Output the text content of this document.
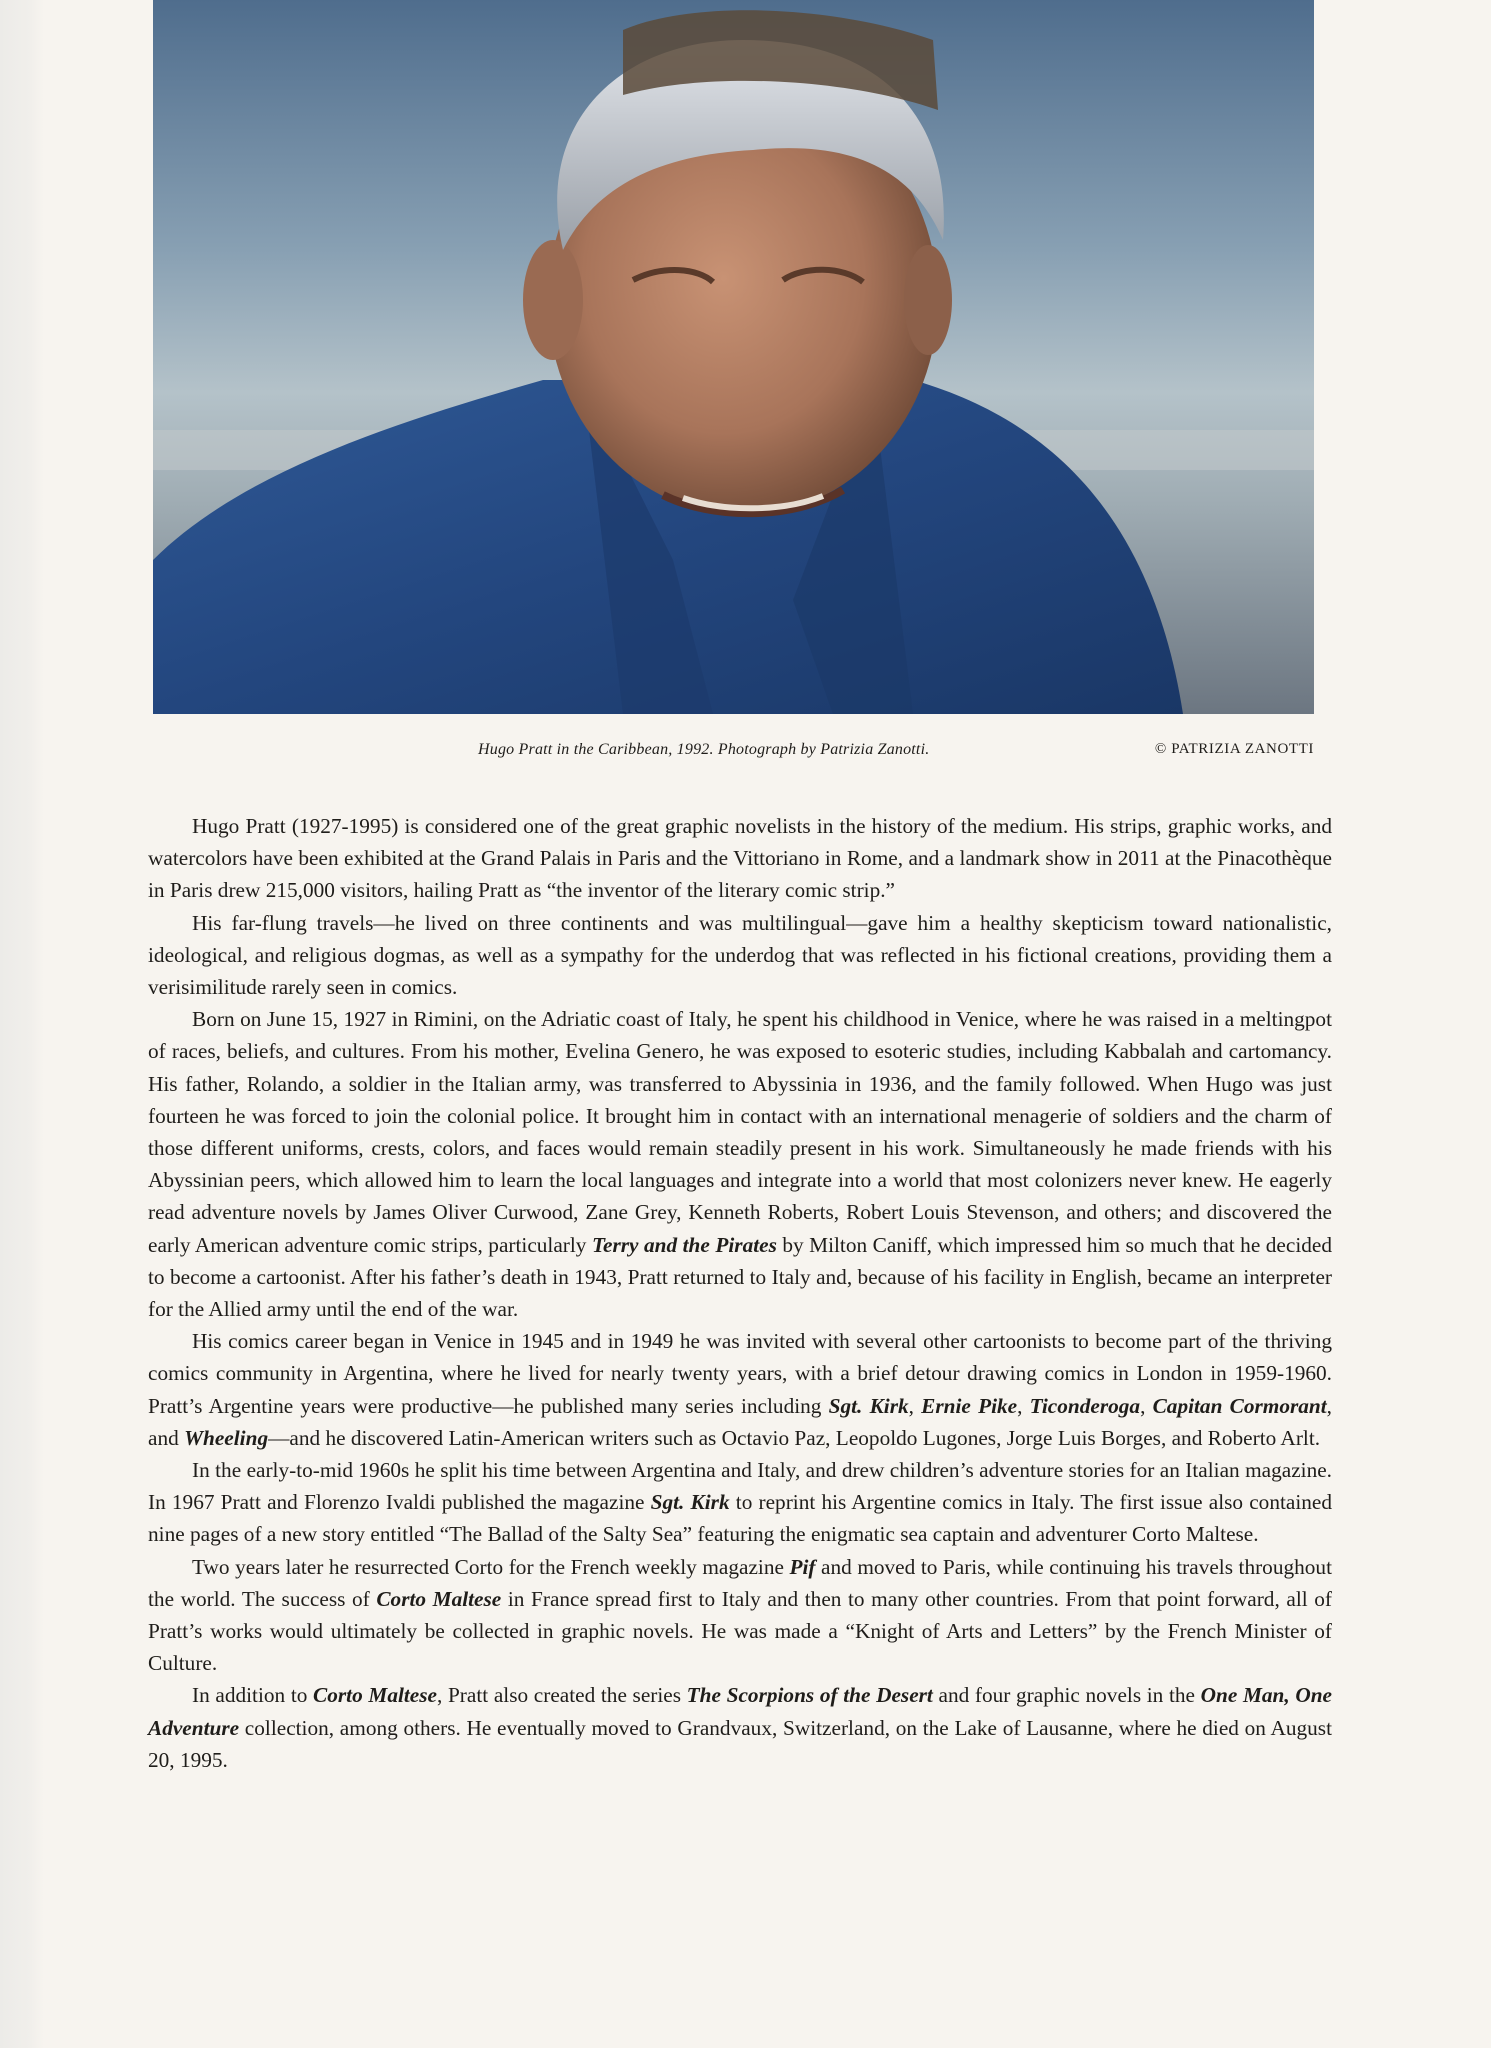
Hugo Pratt in the Caribbean, 1992. Photograph by Patrizia Zanotti.	© PATRIZIA ZANOTTI

Hugo Pratt (1927-1995) is considered one of the great graphic novelists in the history of the medium. His strips, graphic works, and watercolors have been exhibited at the Grand Palais in Paris and the Vittoriano in Rome, and a landmark show in 2011 at the Pinacothèque in Paris drew 215,000 visitors, hailing Pratt as “the inventor of the literary comic strip.”

His far-flung travels—he lived on three continents and was multilingual—gave him a healthy skepticism toward nationalistic, ideological, and religious dogmas, as well as a sympathy for the underdog that was reflected in his fictional creations, providing them a verisimilitude rarely seen in comics.

Born on June 15, 1927 in Rimini, on the Adriatic coast of Italy, he spent his childhood in Venice, where he was raised in a meltingpot of races, beliefs, and cultures. From his mother, Evelina Genero, he was exposed to esoteric studies, including Kabbalah and cartomancy. His father, Rolando, a soldier in the Italian army, was transferred to Abyssinia in 1936, and the family followed. When Hugo was just fourteen he was forced to join the colonial police. It brought him in contact with an international menagerie of soldiers and the charm of those different uniforms, crests, colors, and faces would remain steadily present in his work. Simultaneously he made friends with his Abyssinian peers, which allowed him to learn the local languages and integrate into a world that most colonizers never knew. He eagerly read adventure novels by James Oliver Curwood, Zane Grey, Kenneth Roberts, Robert Louis Stevenson, and others; and discovered the early American adventure comic strips, particularly Terry and the Pirates by Milton Caniff, which impressed him so much that he decided to become a cartoonist. After his father’s death in 1943, Pratt returned to Italy and, because of his facility in English, became an interpreter for the Allied army until the end of the war.

His comics career began in Venice in 1945 and in 1949 he was invited with several other cartoonists to become part of the thriving comics community in Argentina, where he lived for nearly twenty years, with a brief detour drawing comics in London in 1959-1960. Pratt’s Argentine years were productive—he published many series including Sgt. Kirk, Ernie Pike, Ticonderoga, Capitan Cormorant, and Wheeling—and he discovered Latin-American writers such as Octavio Paz, Leopoldo Lugones, Jorge Luis Borges, and Roberto Arlt.

In the early-to-mid 1960s he split his time between Argentina and Italy, and drew children’s adventure stories for an Italian magazine. In 1967 Pratt and Florenzo Ivaldi published the magazine Sgt. Kirk to reprint his Argentine comics in Italy. The first issue also contained nine pages of a new story entitled “The Ballad of the Salty Sea” featuring the enigmatic sea captain and adventurer Corto Maltese.

Two years later he resurrected Corto for the French weekly magazine Pif and moved to Paris, while continuing his travels throughout the world. The success of Corto Maltese in France spread first to Italy and then to many other countries. From that point forward, all of Pratt’s works would ultimately be collected in graphic novels. He was made a “Knight of Arts and Letters” by the French Minister of Culture.

In addition to Corto Maltese, Pratt also created the series The Scorpions of the Desert and four graphic novels in the One Man, One Adventure collection, among others. He eventually moved to Grandvaux, Switzerland, on the Lake of Lausanne, where he died on August 20, 1995.
